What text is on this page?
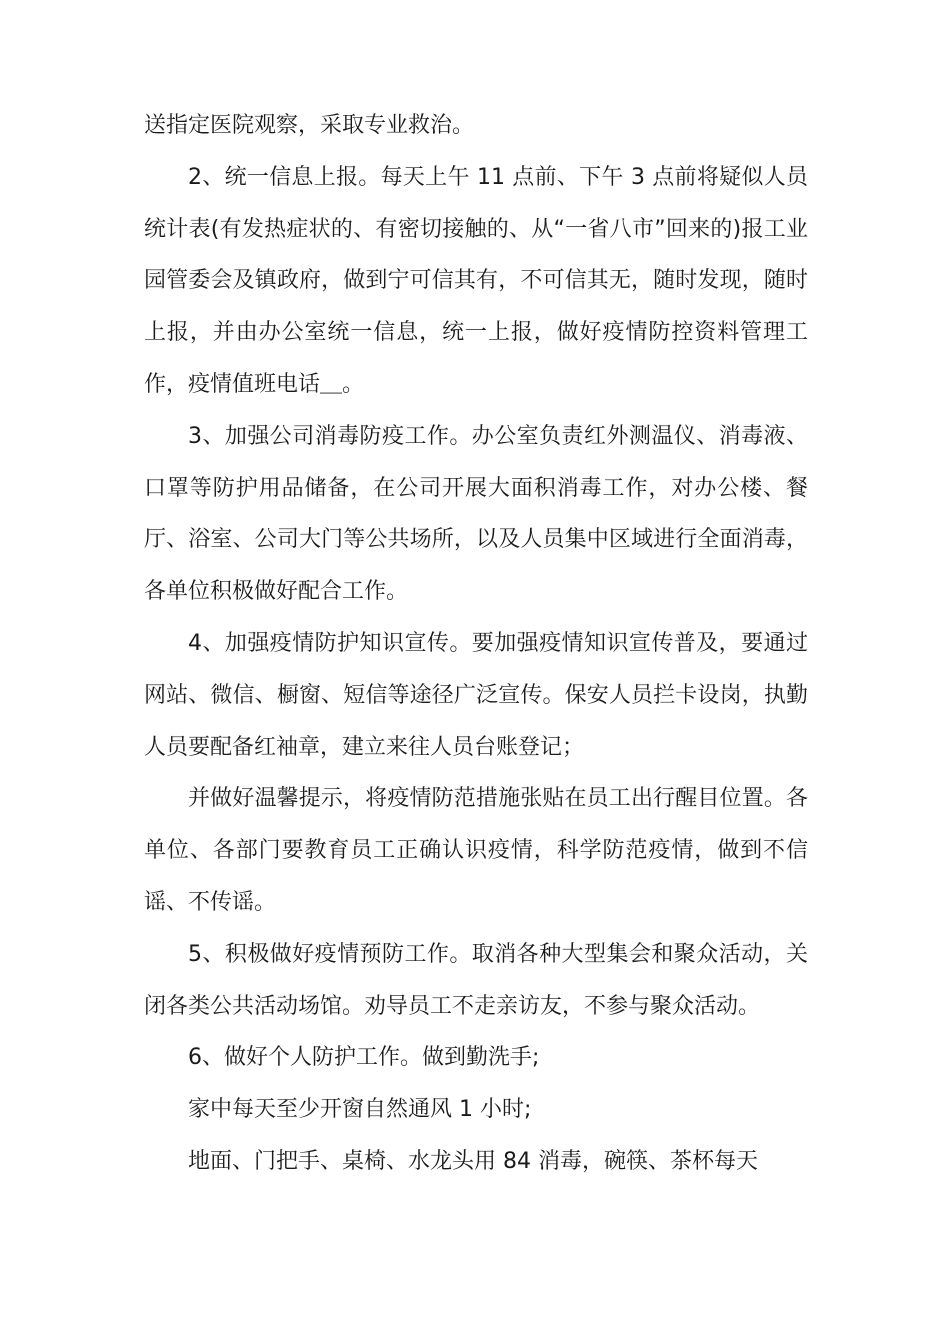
送指定医院观察，采取专业救治。

2、统一信息上报。每天上午 11 点前、下午 3 点前将疑似人员统计表(有发热症状的、有密切接触的、从“一省八市”回来的)报工业园管委会及镇政府，做到宁可信其有，不可信其无，随时发现，随时上报，并由办公室统一信息，统一上报，做好疫情防控资料管理工作，疫情值班电话＿。

3、加强公司消毒防疫工作。办公室负责红外测温仪、消毒液、口罩等防护用品储备，在公司开展大面积消毒工作，对办公楼、餐厅、浴室、公司大门等公共场所，以及人员集中区域进行全面消毒，各单位积极做好配合工作。

4、加强疫情防护知识宣传。要加强疫情知识宣传普及，要通过网站、微信、橱窗、短信等途径广泛宣传。保安人员拦卡设岗，执勤人员要配备红袖章，建立来往人员台账登记；

并做好温馨提示，将疫情防范措施张贴在员工出行醒目位置。各单位、各部门要教育员工正确认识疫情，科学防范疫情，做到不信谣、不传谣。

5、积极做好疫情预防工作。取消各种大型集会和聚众活动，关闭各类公共活动场馆。劝导员工不走亲访友，不参与聚众活动。

6、做好个人防护工作。做到勤洗手;

家中每天至少开窗自然通风 1 小时;

地面、门把手、桌椅、水龙头用 84 消毒，碗筷、茶杯每天
